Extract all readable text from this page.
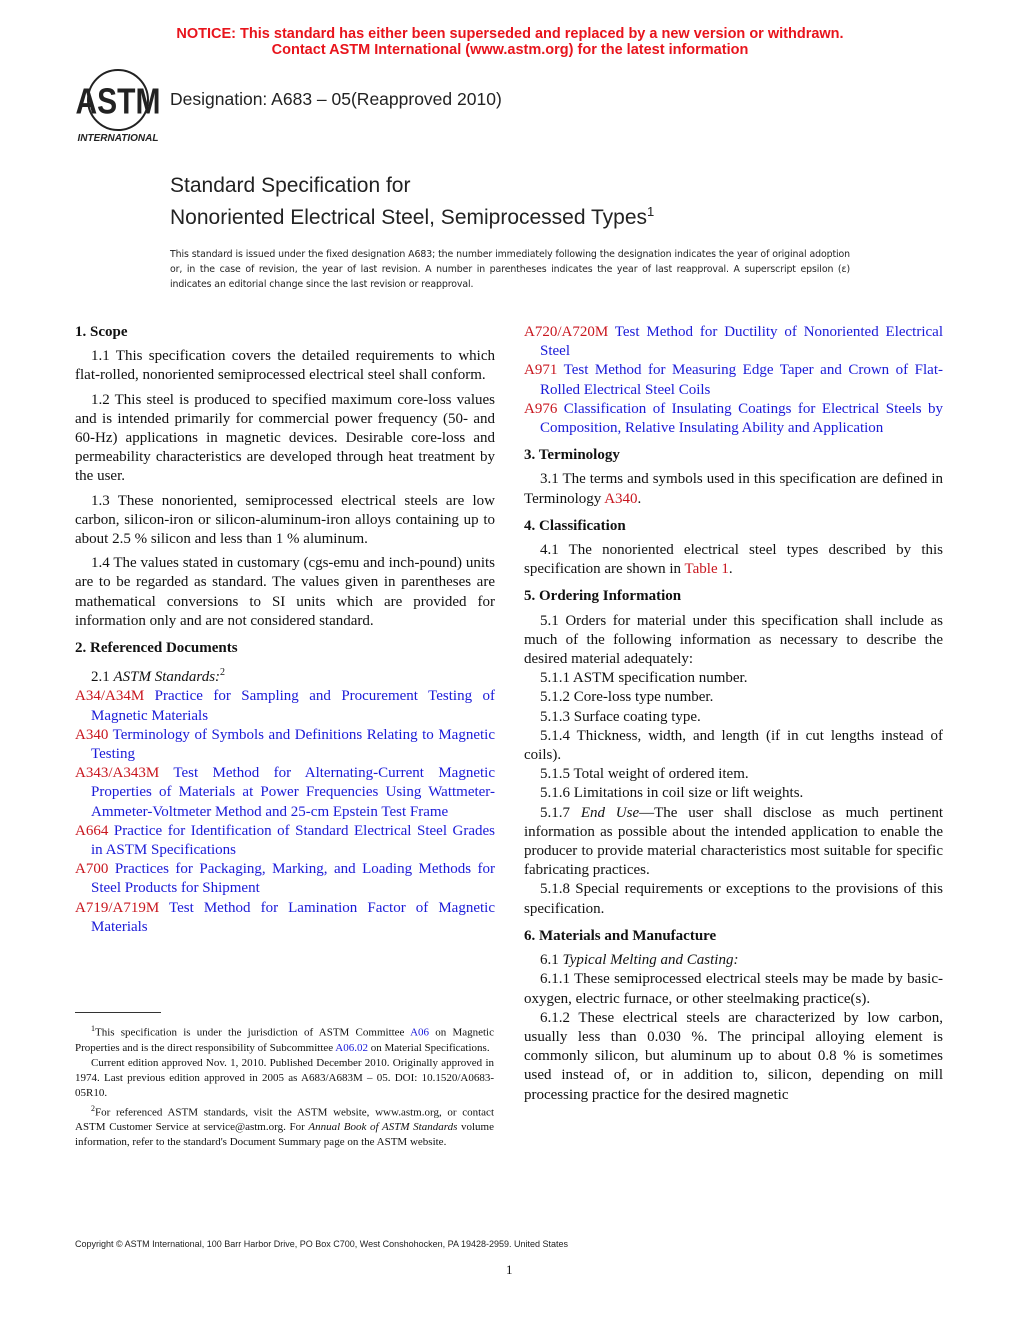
NOTICE: This standard has either been superseded and replaced by a new version or withdrawn.
Contact ASTM International (www.astm.org) for the latest information
ASTM
INTERNATIONAL
Designation: A683 – 05(Reapproved 2010)
Standard Specification for
Nonoriented Electrical Steel, Semiprocessed Types$^1$
This standard is issued under the fixed designation A683; the number immediately following the designation indicates the year of original adoption or, in the case of revision, the year of last revision. A number in parentheses indicates the year of last reapproval. A superscript epsilon (ε) indicates an editorial change since the last revision or reapproval.
1. Scope

1.1 This specification covers the detailed requirements to which flat-rolled, nonoriented semiprocessed electrical steel shall conform.

1.2 This steel is produced to specified maximum core-loss values and is intended primarily for commercial power frequency (50- and 60-Hz) applications in magnetic devices. Desirable core-loss and permeability characteristics are developed through heat treatment by the user.

1.3 These nonoriented, semiprocessed electrical steels are low carbon, silicon-iron or silicon-aluminum-iron alloys containing up to about 2.5 % silicon and less than 1 % aluminum.

1.4 The values stated in customary (cgs-emu and inch-pound) units are to be regarded as standard. The values given in parentheses are mathematical conversions to SI units which are provided for information only and are not considered standard.

2. Referenced Documents

2.1 ASTM Standards:$^2$

A34/A34M Practice for Sampling and Procurement Testing of Magnetic Materials
A340 Terminology of Symbols and Definitions Relating to Magnetic Testing
A343/A343M Test Method for Alternating-Current Magnetic Properties of Materials at Power Frequencies Using Wattmeter-Ammeter-Voltmeter Method and 25-cm Epstein Test Frame
A664 Practice for Identification of Standard Electrical Steel Grades in ASTM Specifications
A700 Practices for Packaging, Marking, and Loading Methods for Steel Products for Shipment
A719/A719M Test Method for Lamination Factor of Magnetic Materials

$^1$This specification is under the jurisdiction of ASTM Committee A06 on Magnetic Properties and is the direct responsibility of Subcommittee A06.02 on Material Specifications.

Current edition approved Nov. 1, 2010. Published December 2010. Originally approved in 1974. Last previous edition approved in 2005 as A683/A683M – 05. DOI: 10.1520/A0683-05R10.

$^2$For referenced ASTM standards, visit the ASTM website, www.astm.org, or contact ASTM Customer Service at service@astm.org. For Annual Book of ASTM Standards volume information, refer to the standard's Document Summary page on the ASTM website.

A720/A720M Test Method for Ductility of Nonoriented Electrical Steel
A971 Test Method for Measuring Edge Taper and Crown of Flat-Rolled Electrical Steel Coils
A976 Classification of Insulating Coatings for Electrical Steels by Composition, Relative Insulating Ability and Application
3. Terminology

3.1 The terms and symbols used in this specification are defined in Terminology A340.

4. Classification

4.1 The nonoriented electrical steel types described by this specification are shown in Table 1.

5. Ordering Information

5.1 Orders for material under this specification shall include as much of the following information as necessary to describe the desired material adequately:

5.1.1 ASTM specification number.

5.1.2 Core-loss type number.

5.1.3 Surface coating type.

5.1.4 Thickness, width, and length (if in cut lengths instead of coils).

5.1.5 Total weight of ordered item.

5.1.6 Limitations in coil size or lift weights.

5.1.7 End Use—The user shall disclose as much pertinent information as possible about the intended application to enable the producer to provide material characteristics most suitable for specific fabricating practices.

5.1.8 Special requirements or exceptions to the provisions of this specification.

6. Materials and Manufacture

6.1 Typical Melting and Casting:

6.1.1 These semiprocessed electrical steels may be made by basic-oxygen, electric furnace, or other steelmaking practice(s).

6.1.2 These electrical steels are characterized by low carbon, usually less than 0.030 %. The principal alloying element is commonly silicon, but aluminum up to about 0.8 % is sometimes used instead of, or in addition to, silicon, depending on mill processing practice for the desired magnetic

Copyright © ASTM International, 100 Barr Harbor Drive, PO Box C700, West Conshohocken, PA 19428-2959. United States
1
